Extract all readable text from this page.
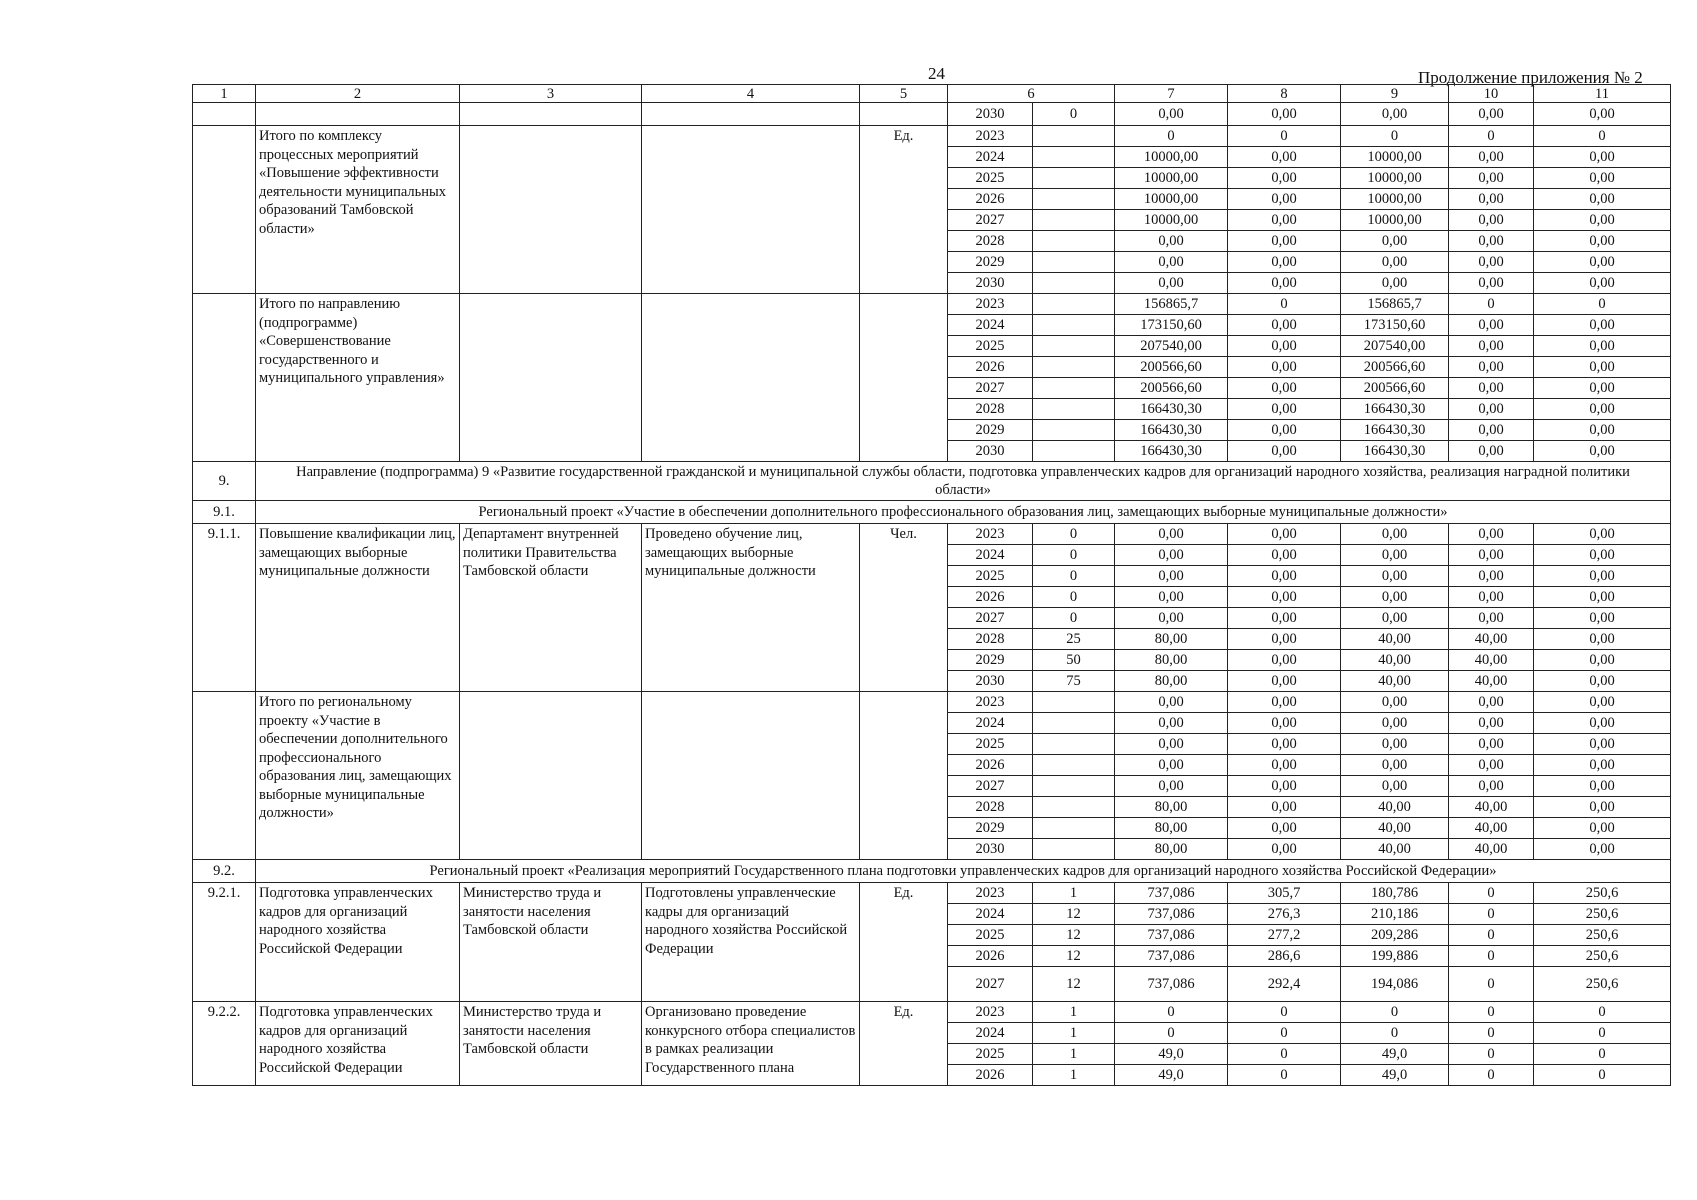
24	Продолжение приложения № 2
1	2	3	4	5	6		7	8	9	10	11
					2030	0	0,00	0,00	0,00	0,00	0,00
	Итого по комплексу процессных мероприятий «Повышение эффективности деятельности муниципальных образований Тамбовской области»			Ед.	2023		0	0	0	0	0
					2024		10000,00	0,00	10000,00	0,00	0,00
					2025		10000,00	0,00	10000,00	0,00	0,00
					2026		10000,00	0,00	10000,00	0,00	0,00
					2027		10000,00	0,00	10000,00	0,00	0,00
					2028		0,00	0,00	0,00	0,00	0,00
					2029		0,00	0,00	0,00	0,00	0,00
					2030		0,00	0,00	0,00	0,00	0,00
	Итого по направлению (подпрограмме) «Совершенствование государственного и муниципального управления»				2023		156865,7	0	156865,7	0	0
					2024		173150,60	0,00	173150,60	0,00	0,00
					2025		207540,00	0,00	207540,00	0,00	0,00
					2026		200566,60	0,00	200566,60	0,00	0,00
					2027		200566,60	0,00	200566,60	0,00	0,00
					2028		166430,30	0,00	166430,30	0,00	0,00
					2029		166430,30	0,00	166430,30	0,00	0,00
					2030		166430,30	0,00	166430,30	0,00	0,00
9.	Направление (подпрограмма) 9 «Развитие государственной гражданской и муниципальной службы области, подготовка управленческих кадров для организаций народного хозяйства, реализация наградной политики области»										
9.1.	Региональный проект «Участие в обеспечении дополнительного профессионального образования лиц, замещающих выборные муниципальные должности»										
9.1.1.	Повышение квалификации лиц, замещающих выборные муниципальные должности	Департамент внутренней политики Правительства Тамбовской области	Проведено обучение лиц, замещающих выборные муниципальные должности	Чел.	2023	0	0,00	0,00	0,00	0,00	0,00
					2024	0	0,00	0,00	0,00	0,00	0,00
					2025	0	0,00	0,00	0,00	0,00	0,00
					2026	0	0,00	0,00	0,00	0,00	0,00
					2027	0	0,00	0,00	0,00	0,00	0,00
					2028	25	80,00	0,00	40,00	40,00	0,00
					2029	50	80,00	0,00	40,00	40,00	0,00
					2030	75	80,00	0,00	40,00	40,00	0,00
	Итого по региональному проекту «Участие в обеспечении дополнительного профессионального образования лиц, замещающих выборные муниципальные должности»				2023		0,00	0,00	0,00	0,00	0,00
					2024		0,00	0,00	0,00	0,00	0,00
					2025		0,00	0,00	0,00	0,00	0,00
					2026		0,00	0,00	0,00	0,00	0,00
					2027		0,00	0,00	0,00	0,00	0,00
					2028		80,00	0,00	40,00	40,00	0,00
					2029		80,00	0,00	40,00	40,00	0,00
					2030		80,00	0,00	40,00	40,00	0,00
9.2.	Региональный проект «Реализация мероприятий Государственного плана подготовки управленческих кадров для организаций народного хозяйства Российской Федерации»										
9.2.1.	Подготовка управленческих кадров для организаций народного хозяйства Российской Федерации	Министерство труда и занятости населения Тамбовской области	Подготовлены управленческие кадры для организаций народного хозяйства Российской Федерации	Ед.	2023	1	737,086	305,7	180,786	0	250,6
					2024	12	737,086	276,3	210,186	0	250,6
					2025	12	737,086	277,2	209,286	0	250,6
					2026	12	737,086	286,6	199,886	0	250,6
					2027	12	737,086	292,4	194,086	0	250,6
9.2.2.	Подготовка управленческих кадров для организаций народного хозяйства Российской Федерации	Министерство труда и занятости населения Тамбовской области	Организовано проведение конкурсного отбора специалистов в рамках реализации Государственного плана	Ед.	2023	1	0	0	0	0	0
					2024	1	0	0	0	0	0
					2025	1	49,0	0	49,0	0	0
					2026	1	49,0	0	49,0	0	0
